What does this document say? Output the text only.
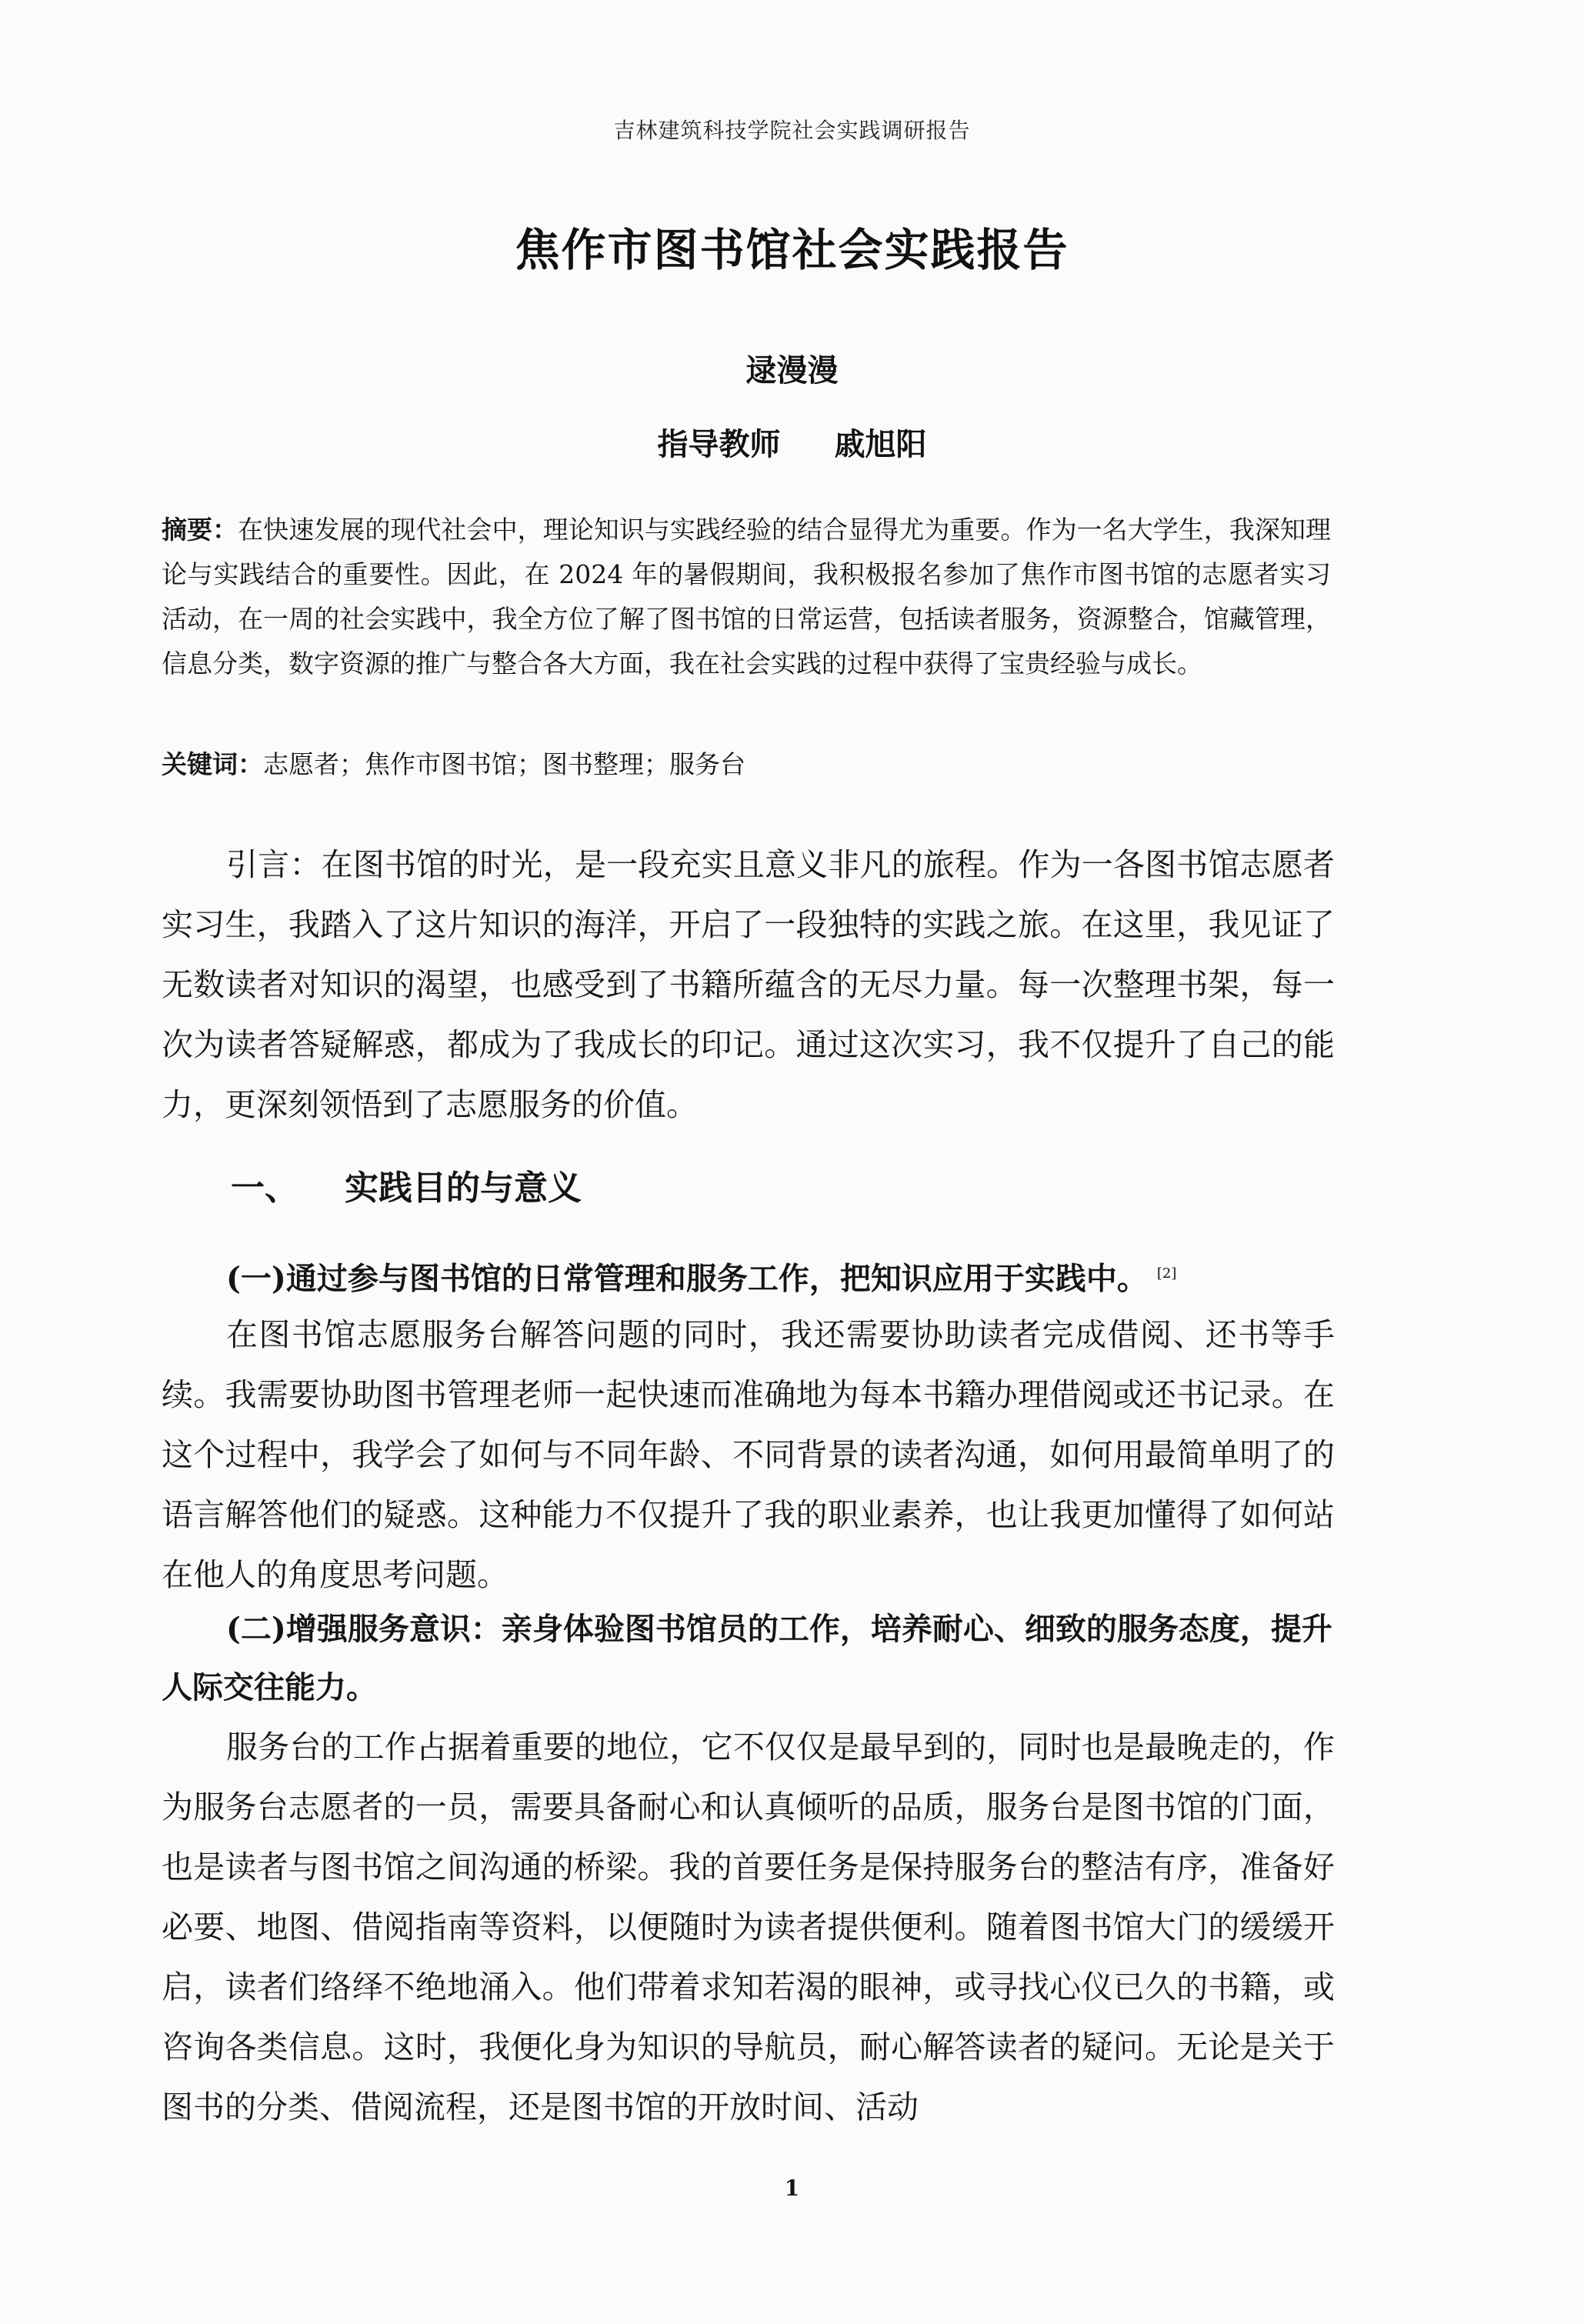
吉林建筑科技学院社会实践调研报告
焦作市图书馆社会实践报告
逯漫漫
指导教师 戚旭阳
摘要：在快速发展的现代社会中，理论知识与实践经验的结合显得尤为重要。作为一名大学生，我深知理论与实践结合的重要性。因此，在 2024 年的暑假期间，我积极报名参加了焦作市图书馆的志愿者实习活动，在一周的社会实践中，我全方位了解了图书馆的日常运营，包括读者服务，资源整合，馆藏管理，信息分类，数字资源的推广与整合各大方面，我在社会实践的过程中获得了宝贵经验与成长。
关键词：志愿者；焦作市图书馆；图书整理；服务台
引言：在图书馆的时光，是一段充实且意义非凡的旅程。作为一各图书馆志愿者实习生，我踏入了这片知识的海洋，开启了一段独特的实践之旅。在这里，我见证了无数读者对知识的渴望，也感受到了书籍所蕴含的无尽力量。每一次整理书架，每一次为读者答疑解惑，都成为了我成长的印记。通过这次实习，我不仅提升了自己的能力，更深刻领悟到了志愿服务的价值。
一、 实践目的与意义
(一)通过参与图书馆的日常管理和服务工作，把知识应用于实践中。 [2]
在图书馆志愿服务台解答问题的同时，我还需要协助读者完成借阅、还书等手续。我需要协助图书管理老师一起快速而准确地为每本书籍办理借阅或还书记录。在这个过程中，我学会了如何与不同年龄、不同背景的读者沟通，如何用最简单明了的语言解答他们的疑惑。这种能力不仅提升了我的职业素养，也让我更加懂得了如何站在他人的角度思考问题。
(二)增强服务意识：亲身体验图书馆员的工作，培养耐心、细致的服务态度，提升人际交往能力。
服务台的工作占据着重要的地位，它不仅仅是最早到的，同时也是最晚走的，作为服务台志愿者的一员，需要具备耐心和认真倾听的品质，服务台是图书馆的门面，也是读者与图书馆之间沟通的桥梁。我的首要任务是保持服务台的整洁有序，准备好必要、地图、借阅指南等资料，以便随时为读者提供便利。随着图书馆大门的缓缓开启，读者们络绎不绝地涌入。他们带着求知若渴的眼神，或寻找心仪已久的书籍，或咨询各类信息。这时，我便化身为知识的导航员，耐心解答读者的疑问。无论是关于图书的分类、借阅流程，还是图书馆的开放时间、活动
1
